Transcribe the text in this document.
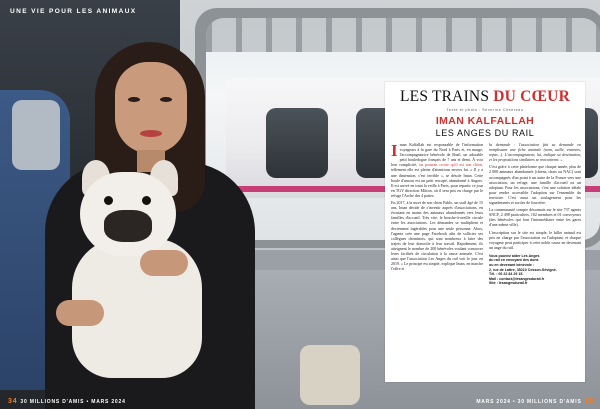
UNE VIE POUR LES ANIMAUX
LES TRAINS DU CŒUR
Texte et photo : Séverine Chenreau
IMAN KALFALLAH
LES ANGES DU RAIL

Iman Kalfallah est responsable de l'information voyageurs à la gare du Nord à Paris et, en marge, l'accompagnatrice bénévole de Basil, un adorable petit bouledogue français de 7 ans et demi. À voir leur complicité, on pourrait croire qu'il est son chien, tellement elle est pleine d'attentions envers lui. « Il y a une dimension, c'est terrible », se désole Iman. Cette boule d'amour est un petit rescapé, abandonné à Angers. Il est arrivé en train la veille à Paris, pour repartir ce jour en TGV direction Mâcon, où il sera pris en charge par le refuge l'Arche des 4 pattes.

En 2017, à la mort de son chien Pablo, un staff âgé de 15 ans, Iman décide de s'investir auprès d'associations, en écoutant en mains des animaux abandonnés vers leurs familles d'accueil. Très vite, le bouche-à-oreille circule entre les associations. Les demandes se multiplient et deviennent ingérables pour une seule personne. Alors, l'agente crée une page Facebook afin de sollicter ses collègues cheminots, qui sont nombreux à faire des trajets de leur domicile à leur travail. Rapidement, ils atteignent le nombre de 200 bénévoles voulant consacrer leurs facilités de circulation à la cause animale. C'est ainsi que l'association Les Anges du rail voit le jour en 2019. « Le principe est simple, explique Iman, en marche l'offre et

la demande : l'association fait sa demande en remplissant une fiche animale (nom, taille, ententes, repas...). L'accompagnateur, lui, indique sa destination, et les propositions similaires se rencontrent. »

C'est grâce à cette plateforme que chaque année, plus de 2 000 animaux abandonnés (chiens, chats ou NAC) sont accompagnés d'un point à un autre de la France vers une association, un refuge, une famille d'accueil ou un adoptant. Pour les associations, c'est une solution idéale pour rendre accessible l'adoption sur l'ensemble du territoire. C'est aussi un soulagement pour les signalements et sorties de fourrière.

La communauté compte désormais sur le site 737 agents SNCF, 2 498 particuliers, 102 membres et 01 convoyeurs (des bénévoles qui font l'intermédiaire entre les gares d'une même ville).

L'inscription sur le site est simple, le billet animal est pris en charge par l'association ou l'adoptant, et chaque voyageur peut participer à cette noble cause en devenant un ange du rail.

Vous pouvez aider Les Anges
du rail en envoyant des dons
ou en devenant bénévole :
2, rue de Lattre, 35210 Cesson-Sévigné.
Tél. : 06 22 84 29 15.
Mail : contact@lesangesdurail.fr
Site : lesangesdurail.fr
34 30 MILLIONS D'AMIS • MARS 2024	MARS 2024 • 30 MILLIONS D'AMIS 35
